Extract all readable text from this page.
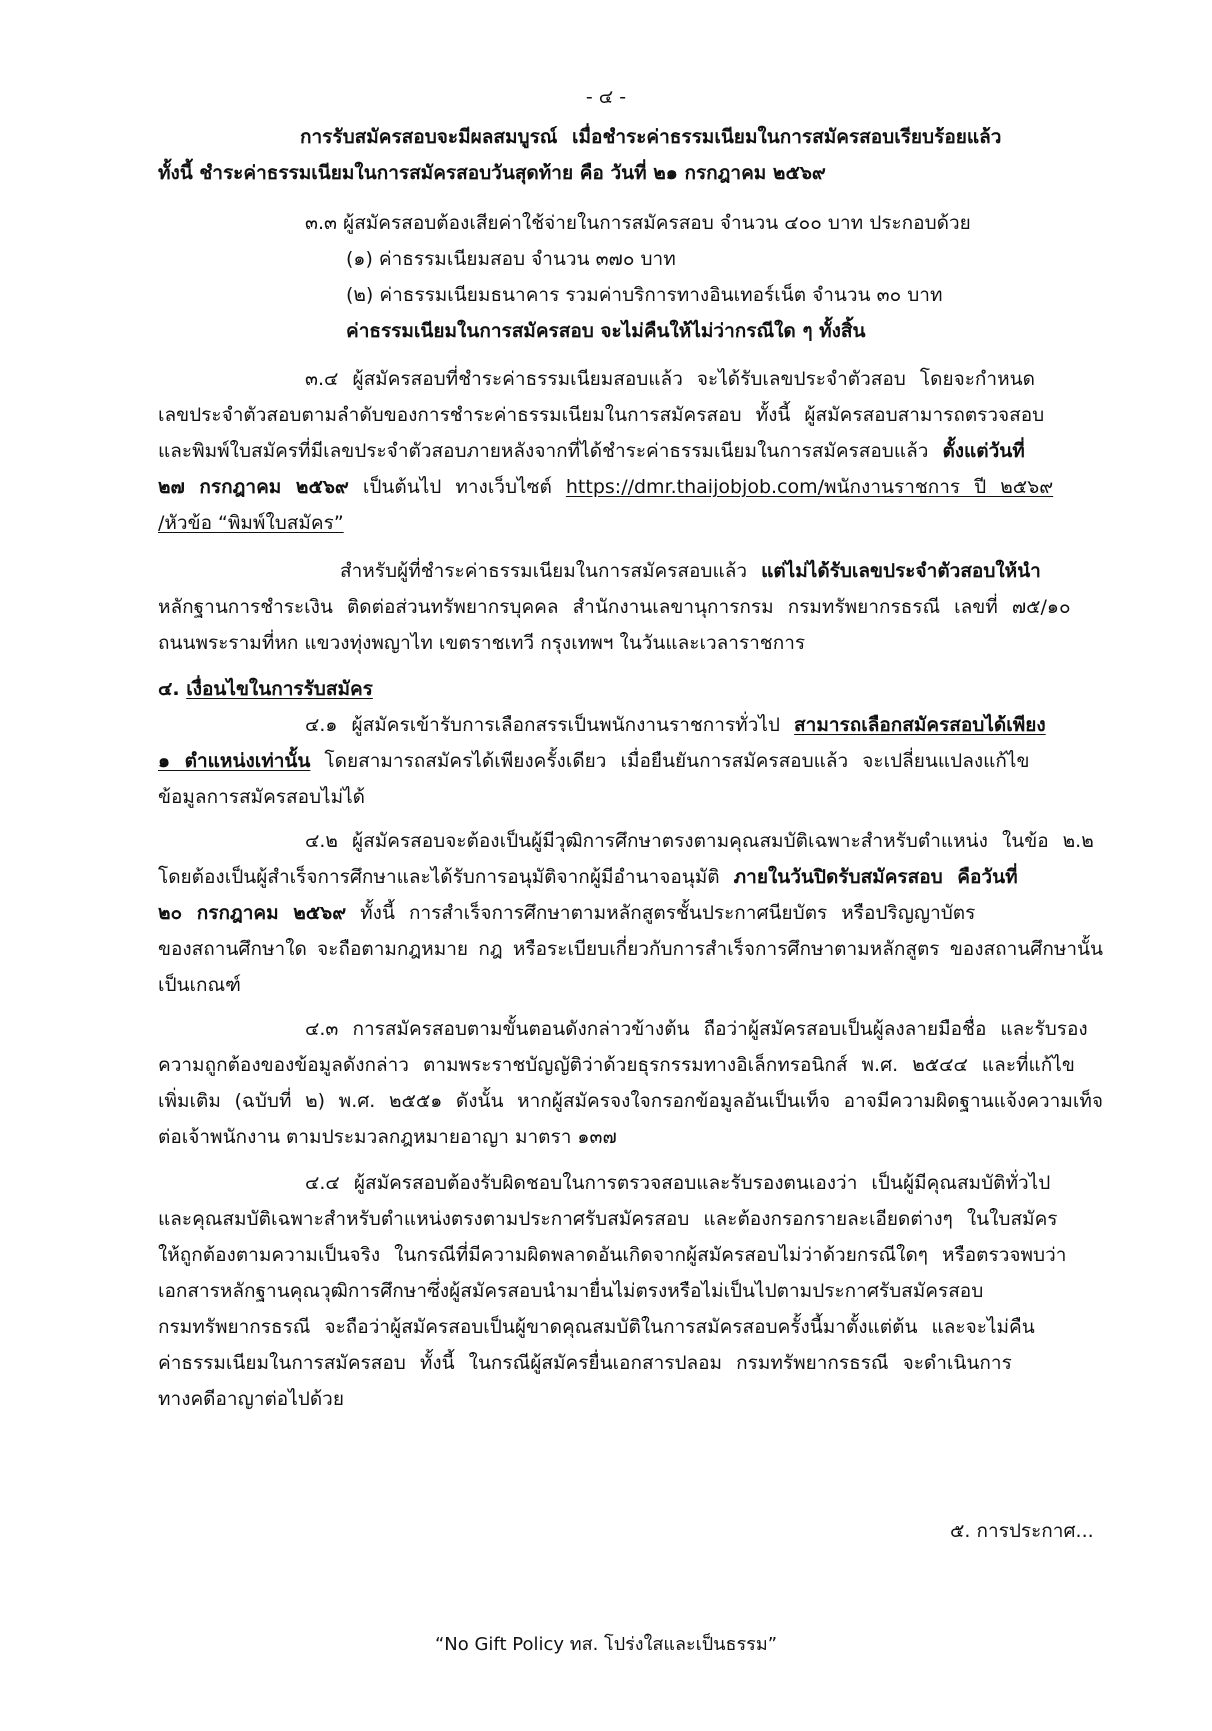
- ๔ -
การรับสมัครสอบจะมีผลสมบูรณ์ เมื่อชำระค่าธรรมเนียมในการสมัครสอบเรียบร้อยแล้ว
ทั้งนี้ ชำระค่าธรรมเนียมในการสมัครสอบวันสุดท้าย คือ วันที่ ๒๑ กรกฎาคม ๒๕๖๙
๓.๓ ผู้สมัครสอบต้องเสียค่าใช้จ่ายในการสมัครสอบ จำนวน ๔๐๐ บาท ประกอบด้วย
(๑) ค่าธรรมเนียมสอบ จำนวน ๓๗๐ บาท
(๒) ค่าธรรมเนียมธนาคาร รวมค่าบริการทางอินเทอร์เน็ต จำนวน ๓๐ บาท
ค่าธรรมเนียมในการสมัครสอบ จะไม่คืนให้ไม่ว่ากรณีใด ๆ ทั้งสิ้น
๓.๔ ผู้สมัครสอบที่ชำระค่าธรรมเนียมสอบแล้ว จะได้รับเลขประจำตัวสอบ โดยจะกำหนด
เลขประจำตัวสอบตามลำดับของการชำระค่าธรรมเนียมในการสมัครสอบ ทั้งนี้ ผู้สมัครสอบสามารถตรวจสอบ
และพิมพ์ใบสมัครที่มีเลขประจำตัวสอบภายหลังจากที่ได้ชำระค่าธรรมเนียมในการสมัครสอบแล้ว ตั้งแต่วันที่
๒๗ กรกฎาคม ๒๕๖๙ เป็นต้นไป ทางเว็บไซต์ https://dmr.thaijobjob.com/พนักงานราชการ ปี ๒๕๖๙
/หัวข้อ “พิมพ์ใบสมัคร”
สำหรับผู้ที่ชำระค่าธรรมเนียมในการสมัครสอบแล้ว แต่ไม่ได้รับเลขประจำตัวสอบให้นำ
หลักฐานการชำระเงิน ติดต่อส่วนทรัพยากรบุคคล สำนักงานเลขานุการกรม กรมทรัพยากรธรณี เลขที่ ๗๕/๑๐
ถนนพระรามที่หก แขวงทุ่งพญาไท เขตราชเทวี กรุงเทพฯ ในวันและเวลาราชการ
๔. เงื่อนไขในการรับสมัคร
๔.๑ ผู้สมัครเข้ารับการเลือกสรรเป็นพนักงานราชการทั่วไป สามารถเลือกสมัครสอบได้เพียง
๑ ตำแหน่งเท่านั้น โดยสามารถสมัครได้เพียงครั้งเดียว เมื่อยืนยันการสมัครสอบแล้ว จะเปลี่ยนแปลงแก้ไข
ข้อมูลการสมัครสอบไม่ได้
๔.๒ ผู้สมัครสอบจะต้องเป็นผู้มีวุฒิการศึกษาตรงตามคุณสมบัติเฉพาะสำหรับตำแหน่ง ในข้อ ๒.๒
โดยต้องเป็นผู้สำเร็จการศึกษาและได้รับการอนุมัติจากผู้มีอำนาจอนุมัติ ภายในวันปิดรับสมัครสอบ คือวันที่
๒๐ กรกฎาคม ๒๕๖๙ ทั้งนี้ การสำเร็จการศึกษาตามหลักสูตรชั้นประกาศนียบัตร หรือปริญญาบัตร
ของสถานศึกษาใด จะถือตามกฎหมาย กฎ หรือระเบียบเกี่ยวกับการสำเร็จการศึกษาตามหลักสูตร ของสถานศึกษานั้น
เป็นเกณฑ์
๔.๓ การสมัครสอบตามขั้นตอนดังกล่าวข้างต้น ถือว่าผู้สมัครสอบเป็นผู้ลงลายมือชื่อ และรับรอง
ความถูกต้องของข้อมูลดังกล่าว ตามพระราชบัญญัติว่าด้วยธุรกรรมทางอิเล็กทรอนิกส์ พ.ศ. ๒๕๔๔ และที่แก้ไข
เพิ่มเติม (ฉบับที่ ๒) พ.ศ. ๒๕๕๑ ดังนั้น หากผู้สมัครจงใจกรอกข้อมูลอันเป็นเท็จ อาจมีความผิดฐานแจ้งความเท็จ
ต่อเจ้าพนักงาน ตามประมวลกฎหมายอาญา มาตรา ๑๓๗
๔.๔ ผู้สมัครสอบต้องรับผิดชอบในการตรวจสอบและรับรองตนเองว่า เป็นผู้มีคุณสมบัติทั่วไป
และคุณสมบัติเฉพาะสำหรับตำแหน่งตรงตามประกาศรับสมัครสอบ และต้องกรอกรายละเอียดต่างๆ ในใบสมัคร
ให้ถูกต้องตามความเป็นจริง ในกรณีที่มีความผิดพลาดอันเกิดจากผู้สมัครสอบไม่ว่าด้วยกรณีใดๆ หรือตรวจพบว่า
เอกสารหลักฐานคุณวุฒิการศึกษาซึ่งผู้สมัครสอบนำมายื่นไม่ตรงหรือไม่เป็นไปตามประกาศรับสมัครสอบ
กรมทรัพยากรธรณี จะถือว่าผู้สมัครสอบเป็นผู้ขาดคุณสมบัติในการสมัครสอบครั้งนี้มาตั้งแต่ต้น และจะไม่คืน
ค่าธรรมเนียมในการสมัครสอบ ทั้งนี้ ในกรณีผู้สมัครยื่นเอกสารปลอม กรมทรัพยากรธรณี จะดำเนินการ
ทางคดีอาญาต่อไปด้วย
๕. การประกาศ...
“No Gift Policy ทส. โปร่งใสและเป็นธรรม”
